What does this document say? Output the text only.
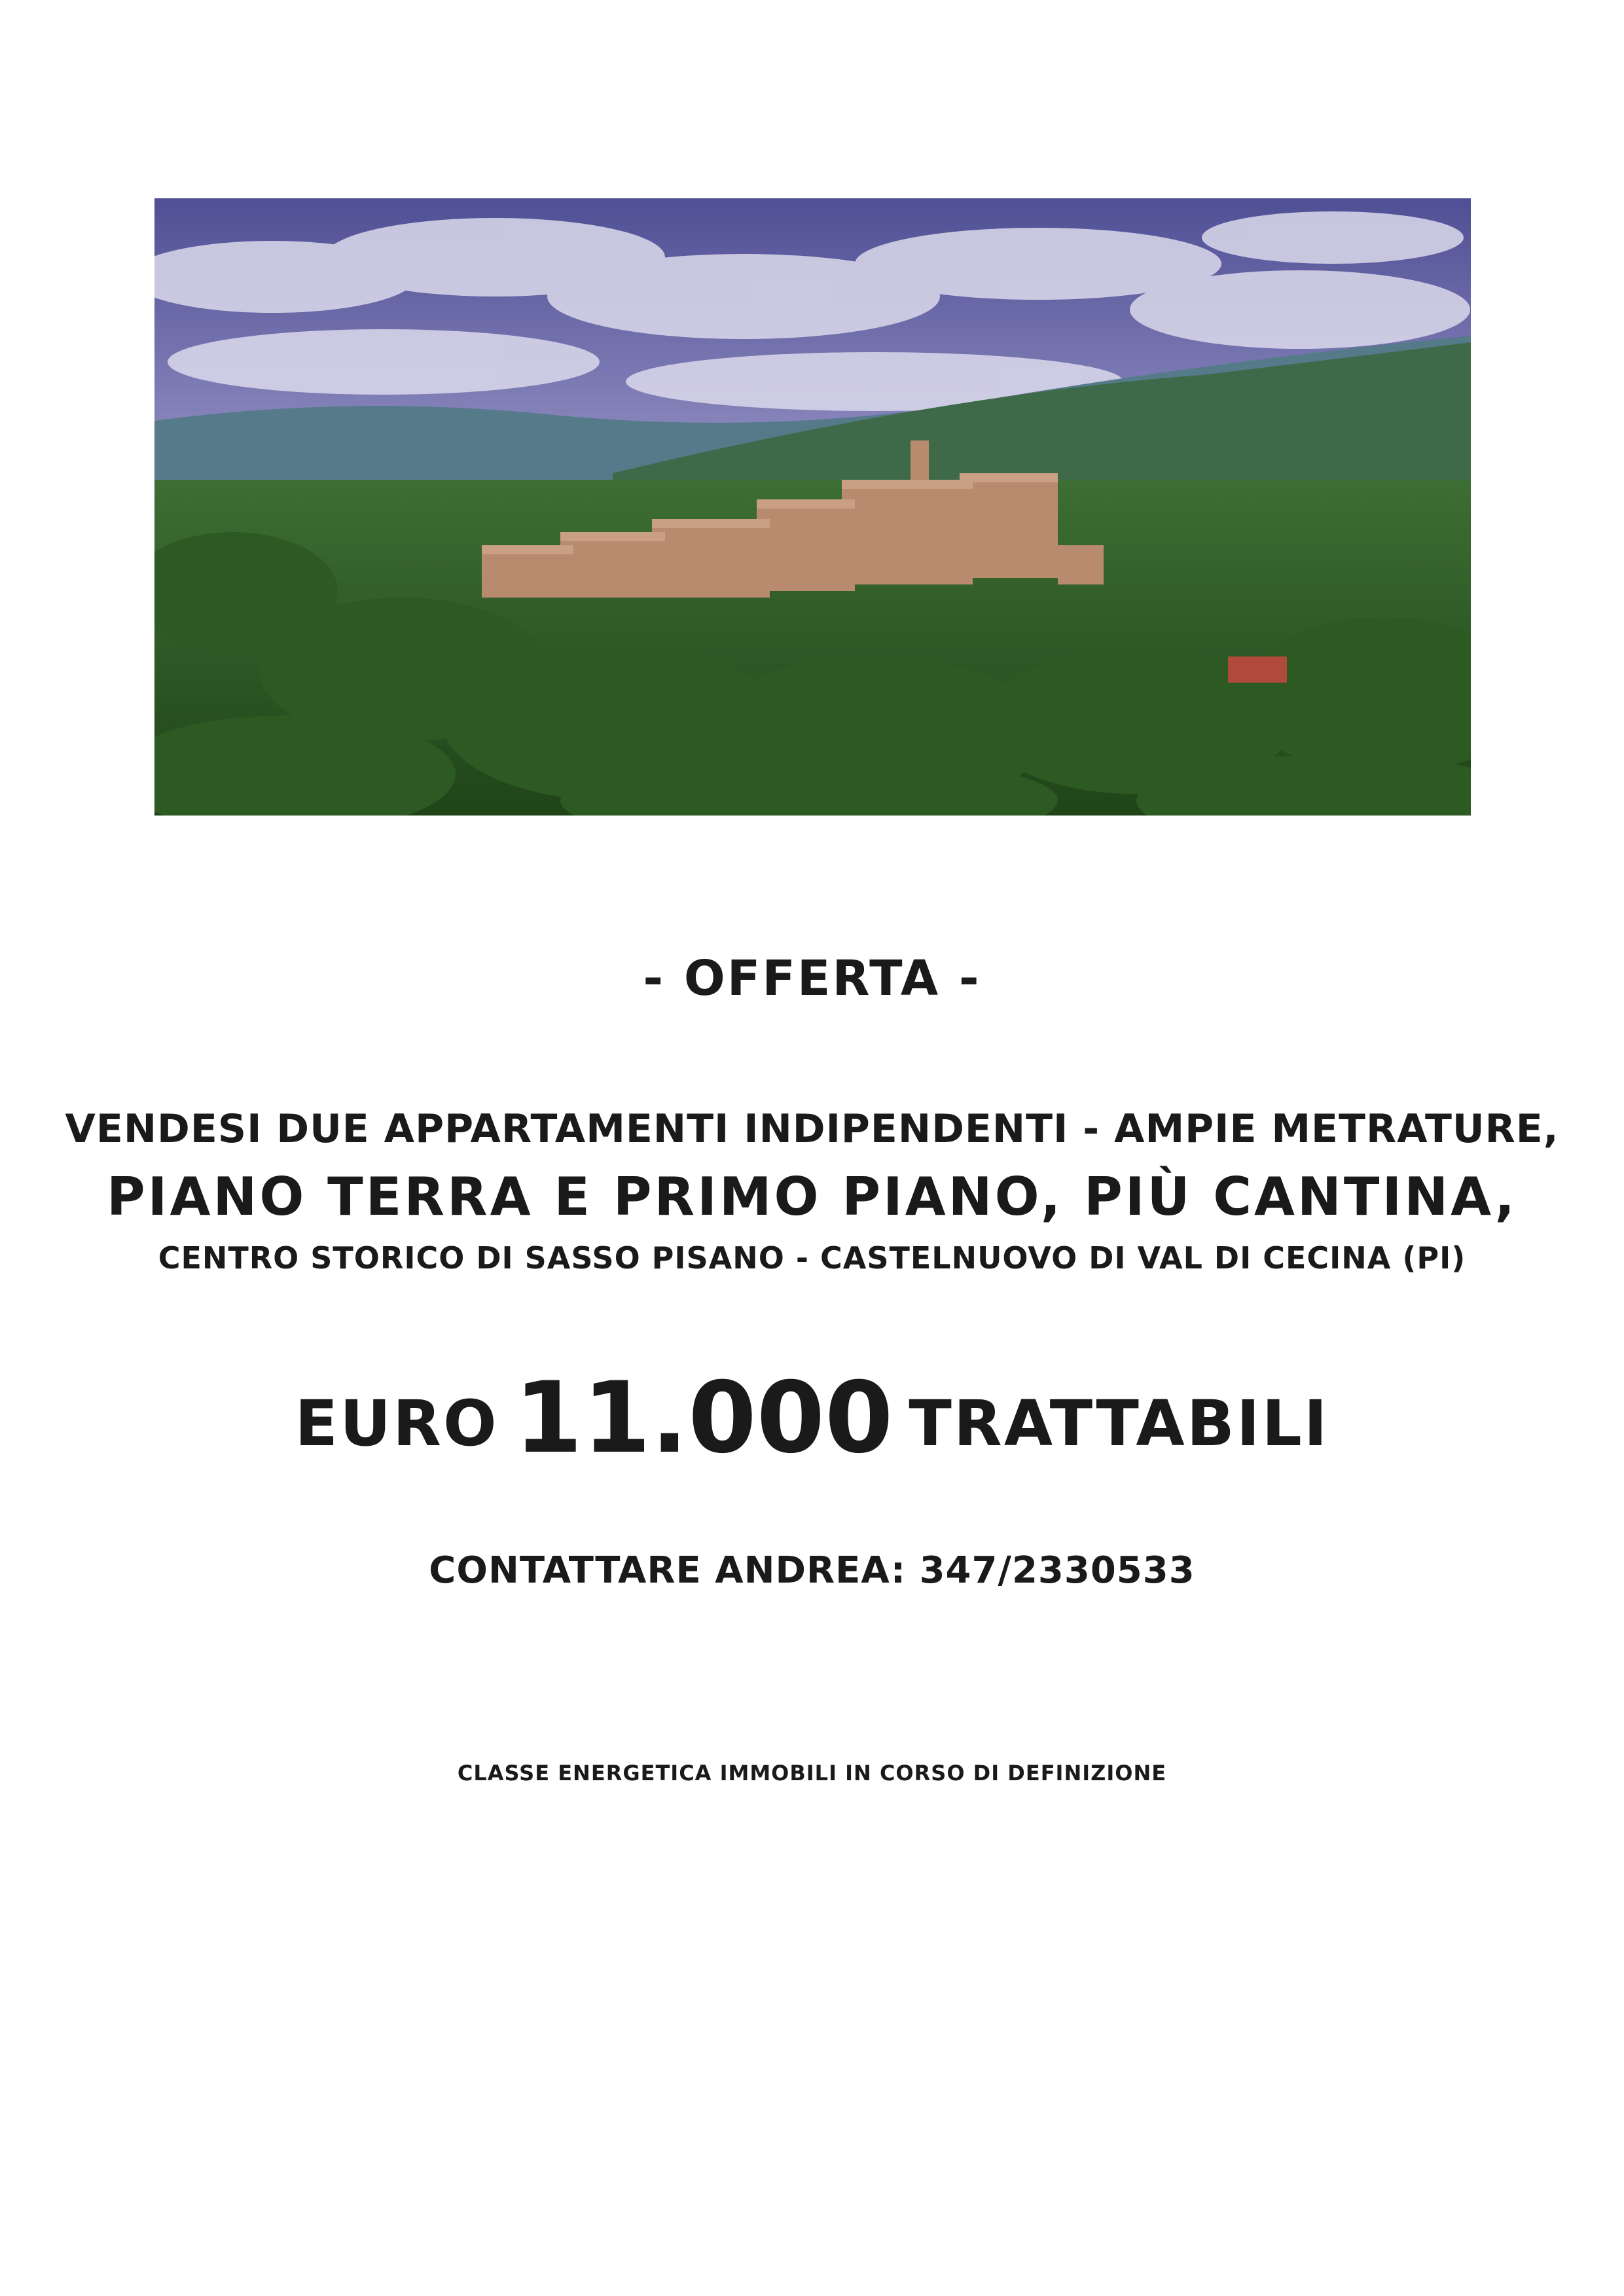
- OFFERTA -
VENDESI DUE APPARTAMENTI INDIPENDENTI - AMPIE METRATURE,
PIANO TERRA E PRIMO PIANO, PIÙ CANTINA,
CENTRO STORICO DI SASSO PISANO - CASTELNUOVO DI VAL DI CECINA (PI)
EURO 11.000 TRATTABILI
CONTATTARE ANDREA: 347/2330533
CLASSE ENERGETICA IMMOBILI IN CORSO DI DEFINIZIONE
